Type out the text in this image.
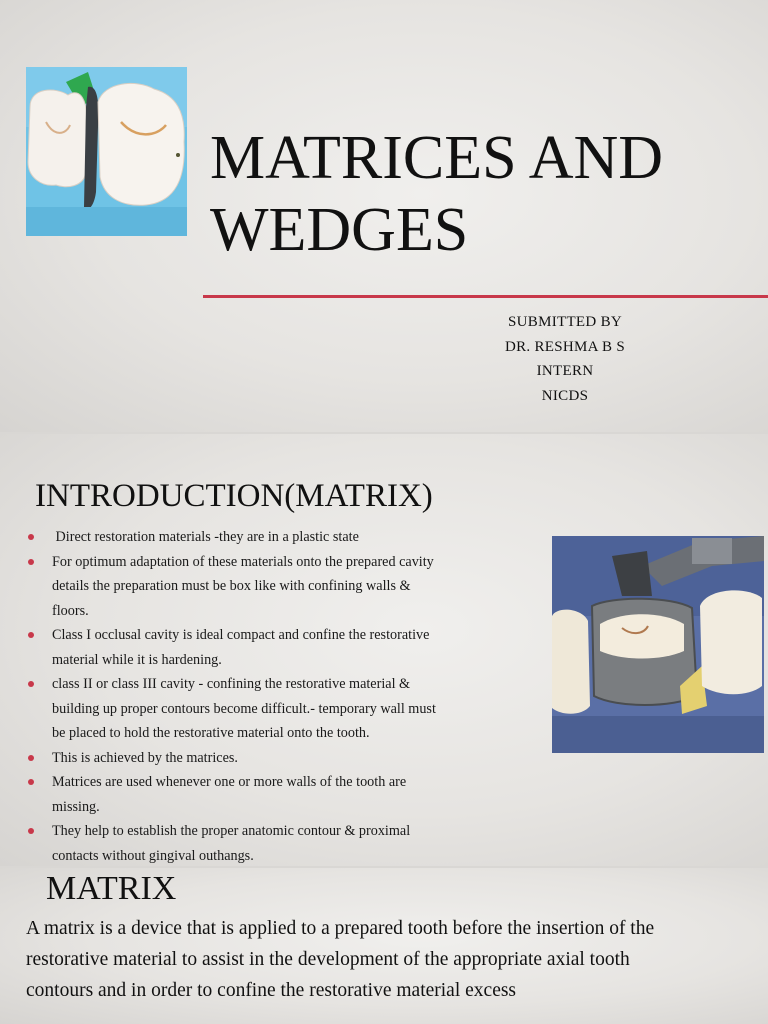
MATRICES AND
WEDGES
SUBMITTED BY
DR. RESHMA B S
INTERN
NICDS
INTRODUCTION(MATRIX)
Direct restoration materials -they are in a plastic state
For optimum adaptation of these materials onto the prepared cavity
details the preparation must be box like with confining walls &
floors.
Class I occlusal cavity is ideal compact and confine the restorative
material while it is hardening.
class II or class III cavity - confining the restorative material &
building up proper contours become difficult.- temporary wall must
be placed to hold the restorative material onto the tooth.
This is achieved by the matrices.
Matrices are used whenever one or more walls of the tooth are
missing.
They help to establish the proper anatomic contour & proximal
contacts without gingival outhangs.
MATRIX
A matrix is a device that is applied to a prepared tooth before the insertion of the
restorative material to assist in the development of the appropriate axial tooth
contours and in order to confine the restorative material excess
